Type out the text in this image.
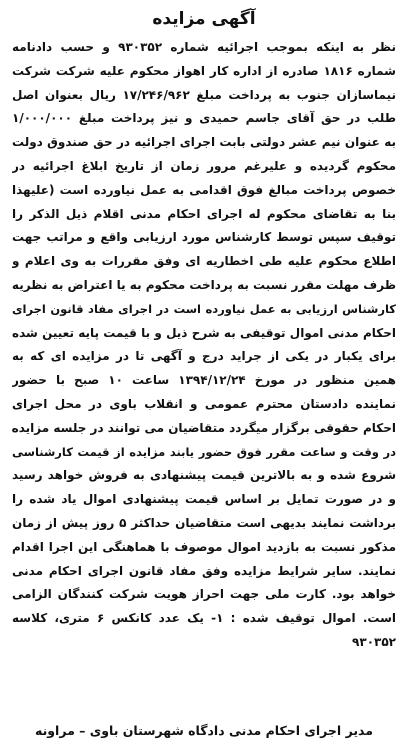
آگهی مزایده
نظر به اینکه بموجب اجرائیه شماره ۹۳۰۳۵۲ و حسب دادنامه
شماره ۱۸۱۶ صادره از اداره کار اهواز محکوم علیه شرکت شرکت
نیماسازان جنوب به پرداخت مبلغ ۱۷/۲۴۶/۹۶۲ ریال بعنوان اصل
طلب در حق آقای جاسم حمیدی و نیز پرداخت مبلغ ۱/۰۰۰/۰۰۰
به عنوان نیم عشر دولتی بابت اجرای اجرائیه در حق صندوق دولت
محکوم گردیده و علیرغم مرور زمان از تاریخ ابلاغ اجرائیه در
خصوص پرداخت مبالغ فوق اقدامی به عمل نیاورده است (علیهذا
بنا به تقاضای محکوم له اجرای احکام مدنی اقلام ذیل الذکر را
توقیف سپس توسط کارشناس مورد ارزیابی واقع و مراتب جهت
اطلاع محکوم علیه طی اخطاریه ای وفق مقررات به وی اعلام و
ظرف مهلت مقرر نسبت به پرداخت محکوم به یا اعتراض به نظریه
کارشناس ارزیابی به عمل نیاورده است در اجرای مفاد قانون اجرای
احکام مدنی اموال توقیفی به شرح ذیل و با قیمت پایه تعیین شده
برای یکبار در یکی از جراید درج و آگهی تا در مزایده ای که به
همین منظور در مورخ ۱۳۹۴/۱۲/۲۴ ساعت ۱۰ صبح با حضور
نماینده دادستان محترم عمومی و انقلاب باوی در محل اجرای
احکام حقوقی برگزار میگردد متقاضیان می توانند در جلسه مزایده
در وقت و ساعت مقرر فوق حضور یابند مزایده از قیمت کارشناسی
شروع شده و به بالاترین قیمت پیشنهادی به فروش خواهد رسید
و در صورت تمایل بر اساس قیمت پیشنهادی اموال یاد شده را
برداشت نمایند بدیهی است متقاضیان حداکثر ۵ روز پیش از زمان
مذکور نسبت به بازدید اموال موصوف با هماهنگی این اجرا اقدام
نمایند. سایر شرایط مزایده وفق مفاد قانون اجرای احکام مدنی
خواهد بود. کارت ملی جهت احراز هویت شرکت کنندگان الزامی
است. اموال توقیف شده : ۱- یک عدد کانکس ۶ متری، کلاسه
۹۳۰۳۵۲
مدیر اجرای احکام مدنی دادگاه شهرستان باوی – مراونه
